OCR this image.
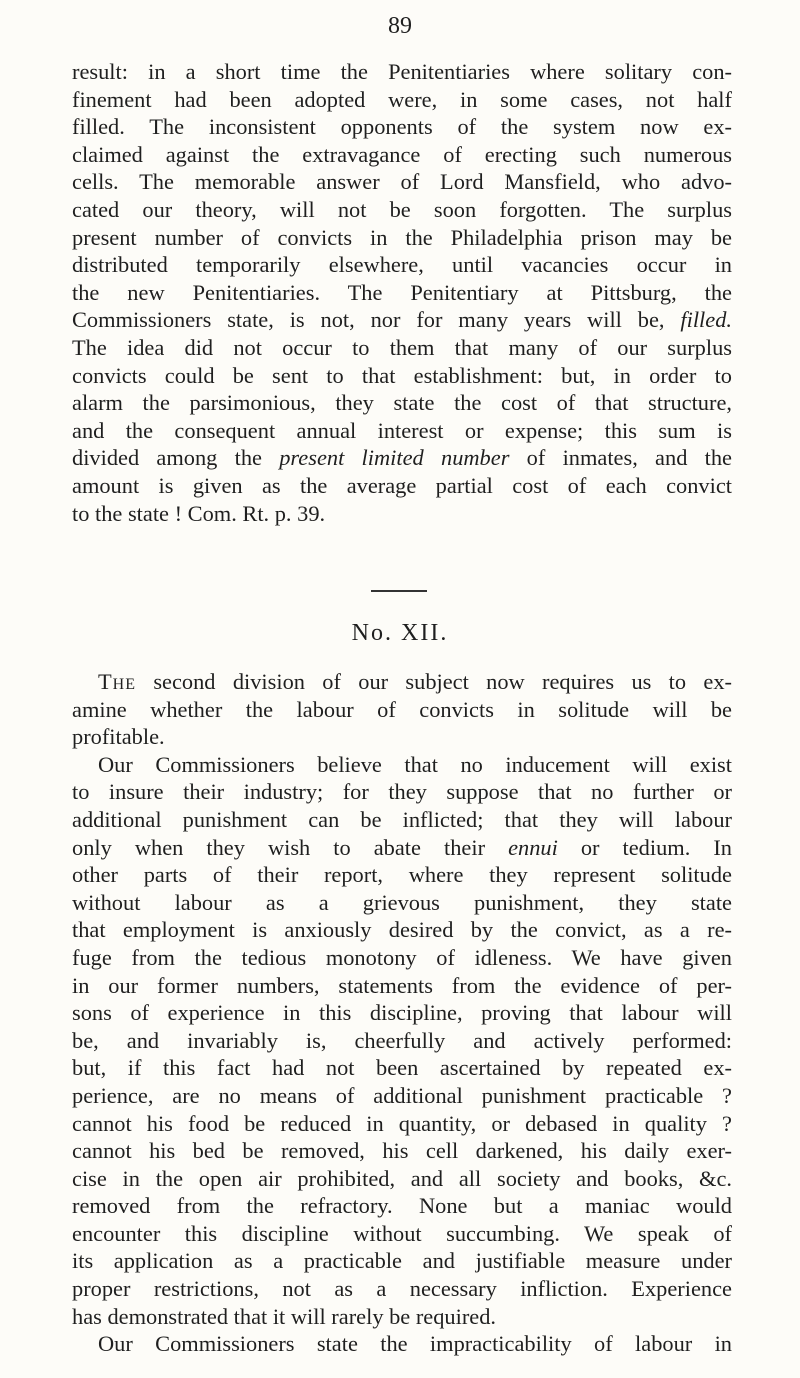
89
result: in a short time the Penitentiaries where solitary con-
finement had been adopted were, in some cases, not half
filled. The inconsistent opponents of the system now ex-
claimed against the extravagance of erecting such numerous
cells. The memorable answer of Lord Mansfield, who advo-
cated our theory, will not be soon forgotten. The surplus
present number of convicts in the Philadelphia prison may be
distributed temporarily elsewhere, until vacancies occur in
the new Penitentiaries. The Penitentiary at Pittsburg, the
Commissioners state, is not, nor for many years will be, filled.
The idea did not occur to them that many of our surplus
convicts could be sent to that establishment: but, in order to
alarm the parsimonious, they state the cost of that structure,
and the consequent annual interest or expense; this sum is
divided among the present limited number of inmates, and the
amount is given as the average partial cost of each convict
to the state ! Com. Rt. p. 39.
No. XII.
The second division of our subject now requires us to ex-
amine whether the labour of convicts in solitude will be
profitable.
Our Commissioners believe that no inducement will exist
to insure their industry; for they suppose that no further or
additional punishment can be inflicted; that they will labour
only when they wish to abate their ennui or tedium. In
other parts of their report, where they represent solitude
without labour as a grievous punishment, they state
that employment is anxiously desired by the convict, as a re-
fuge from the tedious monotony of idleness. We have given
in our former numbers, statements from the evidence of per-
sons of experience in this discipline, proving that labour will
be, and invariably is, cheerfully and actively performed:
but, if this fact had not been ascertained by repeated ex-
perience, are no means of additional punishment practicable ?
cannot his food be reduced in quantity, or debased in quality ?
cannot his bed be removed, his cell darkened, his daily exer-
cise in the open air prohibited, and all society and books, &c.
removed from the refractory. None but a maniac would
encounter this discipline without succumbing. We speak of
its application as a practicable and justifiable measure under
proper restrictions, not as a necessary infliction. Experience
has demonstrated that it will rarely be required.
Our Commissioners state the impracticability of labour in
